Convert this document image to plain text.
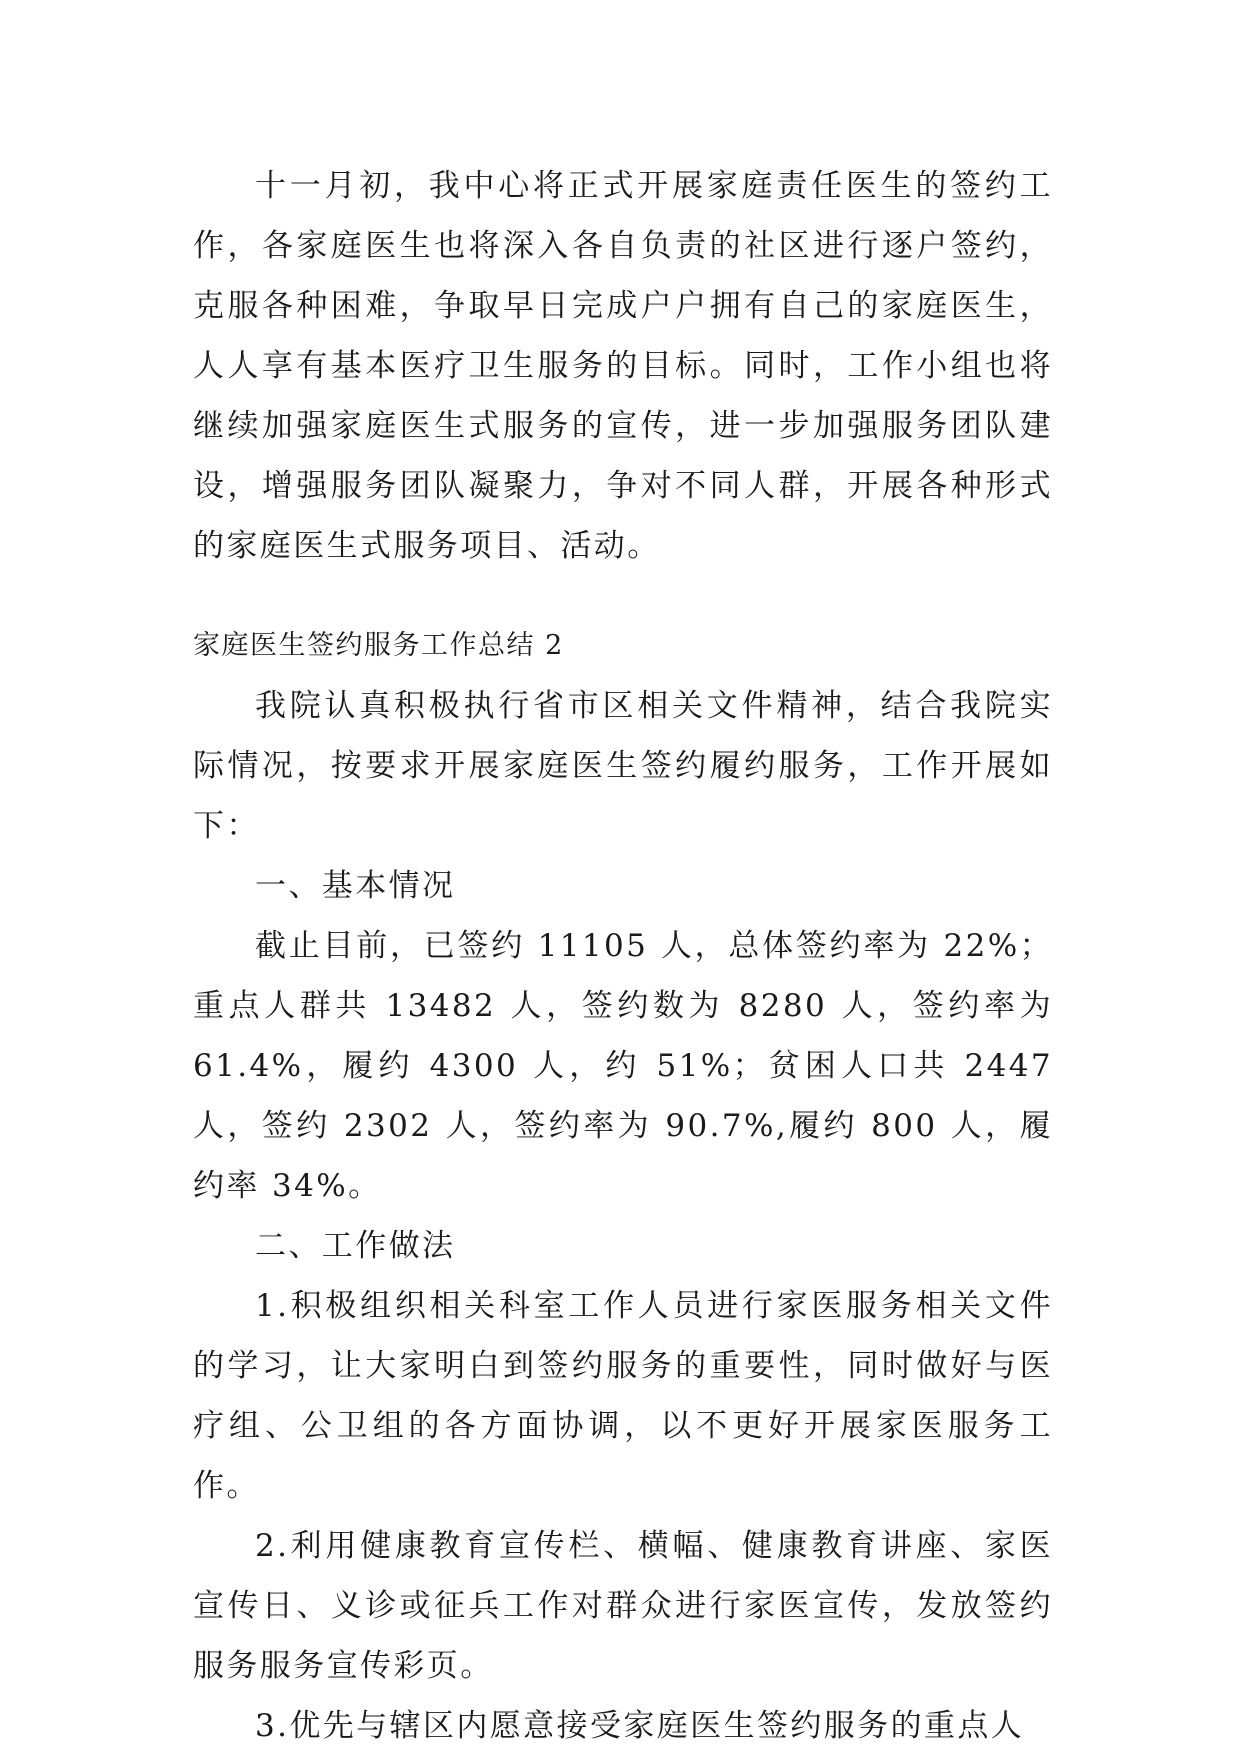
十一月初，我中心将正式开展家庭责任医生的签约工作，各家庭医生也将深入各自负责的社区进行逐户签约，克服各种困难，争取早日完成户户拥有自己的家庭医生，人人享有基本医疗卫生服务的目标。同时，工作小组也将继续加强家庭医生式服务的宣传，进一步加强服务团队建设，增强服务团队凝聚力，争对不同人群，开展各种形式的家庭医生式服务项目、活动。

家庭医生签约服务工作总结 2

我院认真积极执行省市区相关文件精神，结合我院实际情况，按要求开展家庭医生签约履约服务，工作开展如下：

一、基本情况

截止目前，已签约 11105 人，总体签约率为 22%；重点人群共 13482 人，签约数为 8280 人，签约率为 61.4%，履约 4300 人，约 51%；贫困人口共 2447 人，签约 2302 人，签约率为 90.7%,履约 800 人，履约率 34%。

二、工作做法

1.积极组织相关科室工作人员进行家医服务相关文件的学习，让大家明白到签约服务的重要性，同时做好与医疗组、公卫组的各方面协调，以不更好开展家医服务工作。

2.利用健康教育宣传栏、横幅、健康教育讲座、家医宣传日、义诊或征兵工作对群众进行家医宣传，发放签约服务服务宣传彩页。

3.优先与辖区内愿意接受家庭医生签约服务的重点人
